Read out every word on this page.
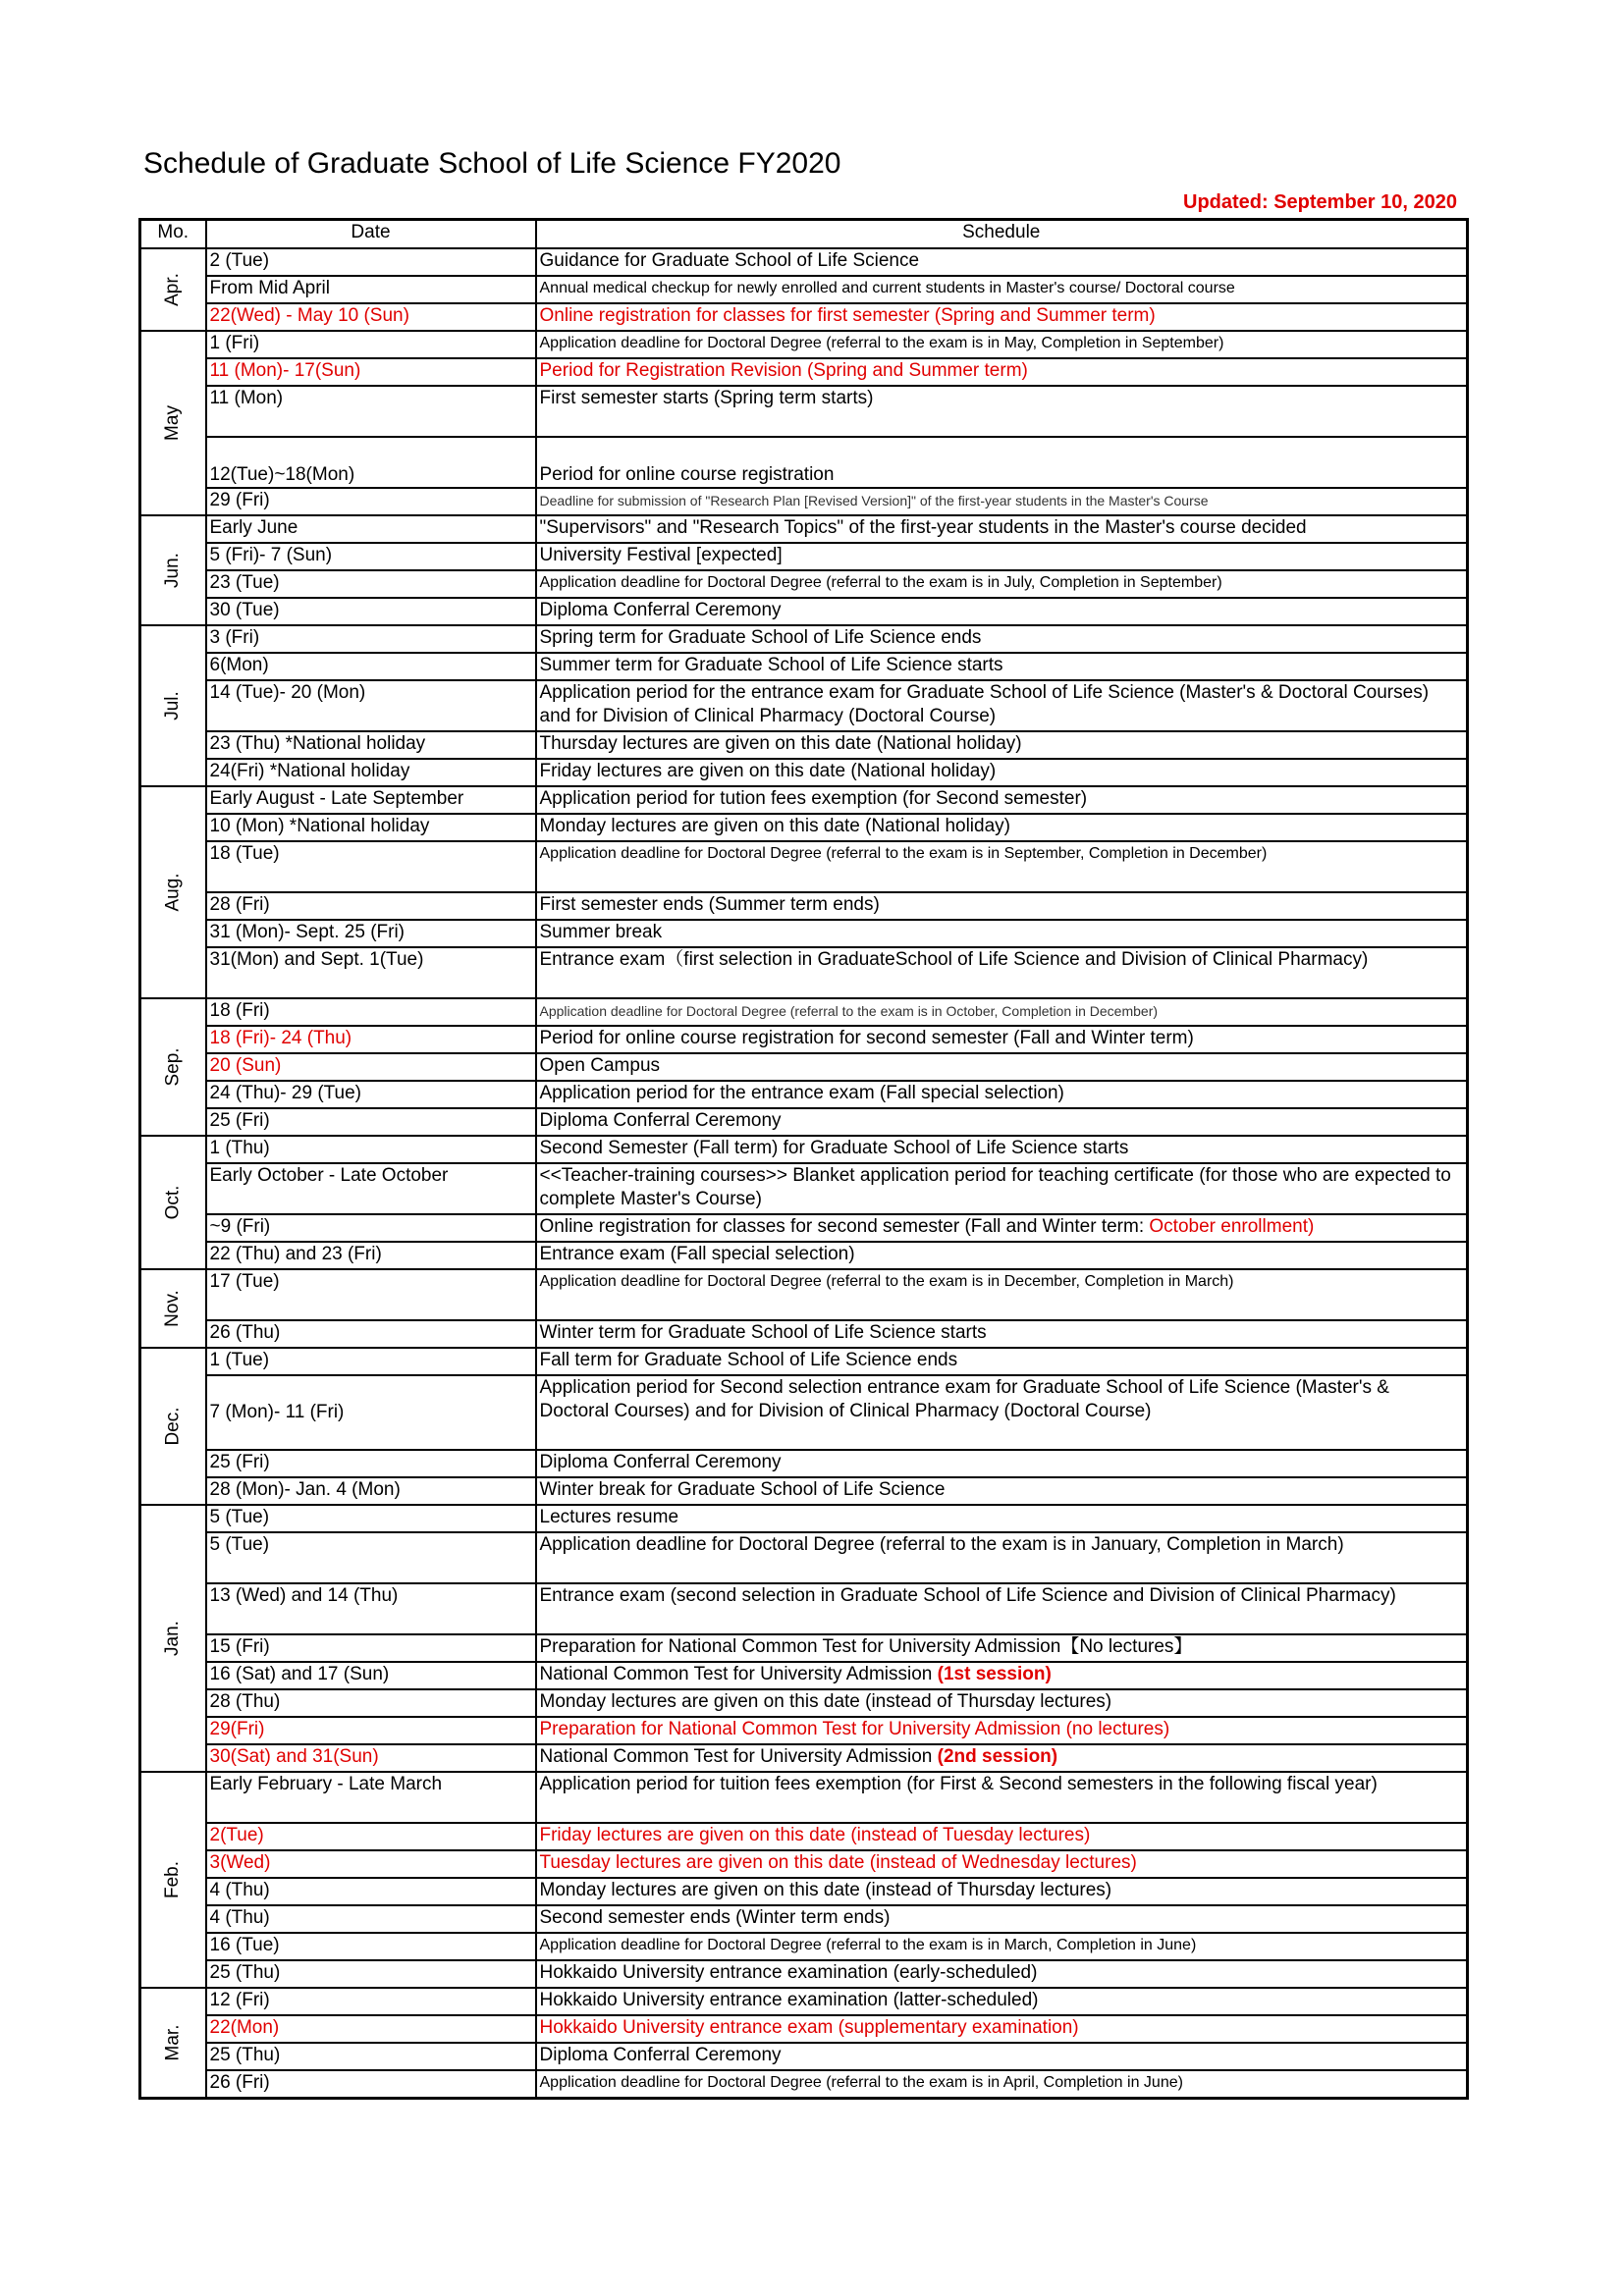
Schedule of Graduate School of Life Science FY2020
Updated: September 10, 2020
Mo.	Date	Schedule
Apr.	2 (Tue)	Guidance for Graduate School of Life Science
	From Mid April	Annual medical checkup for newly enrolled and current students in Master's course/ Doctoral course
	22(Wed) - May 10 (Sun)	Online registration for classes for first semester (Spring and Summer term)
May	1 (Fri)	Application deadline for Doctoral Degree (referral to the exam is in May, Completion in September)
	11 (Mon)- 17(Sun)	Period for Registration Revision (Spring and Summer term)
	11 (Mon)	First semester starts (Spring term starts)
	12(Tue)~18(Mon)	Period for online course registration
	29 (Fri)	Deadline for submission of "Research Plan [Revised Version]" of the first-year students in the Master's Course
Jun.	Early June	"Supervisors" and "Research Topics" of the first-year students in the Master's course decided
	5 (Fri)- 7 (Sun)	University Festival [expected]
	23 (Tue)	Application deadline for Doctoral Degree (referral to the exam is in July, Completion in September)
	30 (Tue)	Diploma Conferral Ceremony
Jul.	3 (Fri)	Spring term for Graduate School of Life Science ends
	6(Mon)	Summer term for Graduate School of Life Science starts
	14 (Tue)- 20 (Mon)	Application period for the entrance exam for Graduate School of Life Science (Master's & Doctoral Courses) and for Division of Clinical Pharmacy (Doctoral Course)
	23 (Thu) *National holiday	Thursday lectures are given on this date (National holiday)
	24(Fri) *National holiday	Friday lectures are given on this date (National holiday)
Aug.	Early August - Late September	Application period for tution fees exemption (for Second semester)
	10 (Mon) *National holiday	Monday lectures are given on this date (National holiday)
	18 (Tue)	Application deadline for Doctoral Degree (referral to the exam is in September, Completion in December)
	28 (Fri)	First semester ends (Summer term ends)
	31 (Mon)- Sept. 25 (Fri)	Summer break
	31(Mon) and Sept. 1(Tue)	Entrance exam（first selection in GraduateSchool of Life Science and Division of Clinical Pharmacy)
Sep.	18 (Fri)	Application deadline for Doctoral Degree (referral to the exam is in October, Completion in December)
	18 (Fri)- 24 (Thu)	Period for online course registration for second semester (Fall and Winter term)
	20 (Sun)	Open Campus
	24 (Thu)- 29 (Tue)	Application period for the entrance exam (Fall special selection)
	25 (Fri)	Diploma Conferral Ceremony
Oct.	1 (Thu)	Second Semester (Fall term) for Graduate School of Life Science starts
	Early October - Late October	<<Teacher-training courses>> Blanket application period for teaching certificate (for those who are expected to complete Master's Course)
	~9 (Fri)	Online registration for classes for second semester (Fall and Winter term: October enrollment)
	22 (Thu) and 23 (Fri)	Entrance exam (Fall special selection)
Nov.	17 (Tue)	Application deadline for Doctoral Degree (referral to the exam is in December, Completion in March)
	26 (Thu)	Winter term for Graduate School of Life Science starts
Dec.	1 (Tue)	Fall term for Graduate School of Life Science ends
	7 (Mon)- 11 (Fri)	Application period for Second selection entrance exam for Graduate School of Life Science (Master's & Doctoral Courses) and for Division of Clinical Pharmacy (Doctoral Course)
	25 (Fri)	Diploma Conferral Ceremony
	28 (Mon)- Jan. 4 (Mon)	Winter break for Graduate School of Life Science
Jan.	5 (Tue)	Lectures resume
	5 (Tue)	Application deadline for Doctoral Degree (referral to the exam is in January, Completion in March)
	13 (Wed) and 14 (Thu)	Entrance exam (second selection in Graduate School of Life Science and Division of Clinical Pharmacy)
	15 (Fri)	Preparation for National Common Test for University Admission【No lectures】
	16 (Sat) and 17 (Sun)	National Common Test for University Admission (1st session)
	28 (Thu)	Monday lectures are given on this date (instead of Thursday lectures)
	29(Fri)	Preparation for National Common Test for University Admission (no lectures)
	30(Sat) and 31(Sun)	National Common Test for University Admission (2nd session)
Feb.	Early February - Late March	Application period for tuition fees exemption (for First & Second semesters in the following fiscal year)
	2(Tue)	Friday lectures are given on this date (instead of Tuesday lectures)
	3(Wed)	Tuesday lectures are given on this date (instead of Wednesday lectures)
	4 (Thu)	Monday lectures are given on this date (instead of Thursday lectures)
	4 (Thu)	Second semester ends (Winter term ends)
	16 (Tue)	Application deadline for Doctoral Degree (referral to the exam is in March, Completion in June)
	25 (Thu)	Hokkaido University entrance examination (early-scheduled)
Mar.	12 (Fri)	Hokkaido University entrance examination (latter-scheduled)
	22(Mon)	Hokkaido University entrance exam (supplementary examination)
	25 (Thu)	Diploma Conferral Ceremony
	26 (Fri)	Application deadline for Doctoral Degree (referral to the exam is in April, Completion in June)
